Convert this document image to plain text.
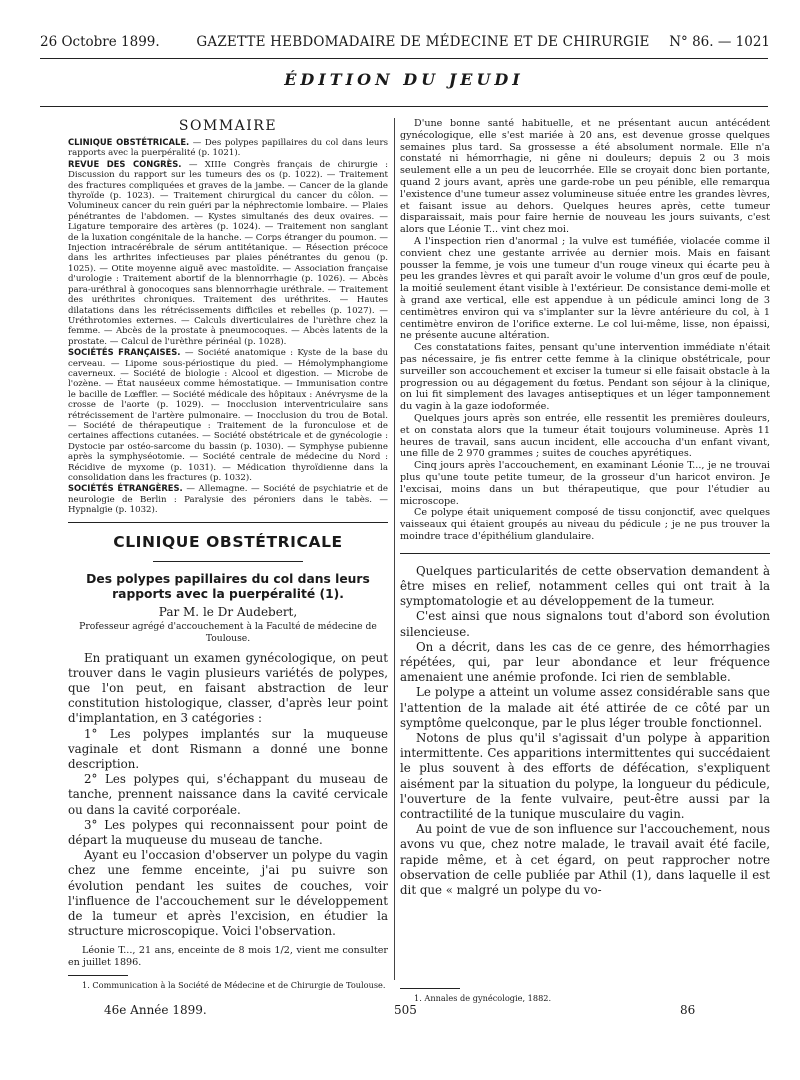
26 Octobre 1899.	GAZETTE HEBDOMADAIRE DE MÉDECINE ET DE CHIRURGIE N° 86. — 1021
ÉDITION DU JEUDI
SOMMAIRE

CLINIQUE OBSTÉTRICALE. — Des polypes papillaires du col dans leurs rapports avec la puerpéralité (p. 1021).

REVUE DES CONGRÈS. — XIIIe Congrès français de chirurgie : Discussion du rapport sur les tumeurs des os (p. 1022). — Traitement des fractures compliquées et graves de la jambe. — Cancer de la glande thyroïde (p. 1023). — Traitement chirurgical du cancer du côlon. — Volumineux cancer du rein guéri par la néphrectomie lombaire. — Plaies pénétrantes de l'abdomen. — Kystes simultanés des deux ovaires. — Ligature temporaire des artères (p. 1024). — Traitement non sanglant de la luxation congénitale de la hanche. — Corps étranger du poumon. — Injection intracérébrale de sérum antitétanique. — Résection précoce dans les arthrites infectieuses par plaies pénétrantes du genou (p. 1025). — Otite moyenne aiguë avec mastoïdite. — Association française d'urologie : Traitement abortif de la blennorrhagie (p. 1026). — Abcès para-uréthral à gonocoques sans blennorrhagie uréthrale. — Traitement des uréthrites chroniques. Traitement des uréthrites. — Hautes dilatations dans les rétrécissements difficiles et rebelles (p. 1027). — Uréthrotomies externes. — Calculs diverticulaires de l'urèthre chez la femme. — Abcès de la prostate à pneumocoques. — Abcès latents de la prostate. — Calcul de l'urèthre périnéal (p. 1028).

SOCIÉTÉS FRANÇAISES. — Société anatomique : Kyste de la base du cerveau. — Lipome sous-périostique du pied. — Hémolymphangiome caverneux. — Société de biologie : Alcool et digestion. — Microbe de l'ozène. — État nauséeux comme hémostatique. — Immunisation contre le bacille de Lœffler. — Société médicale des hôpitaux : Anévrysme de la crosse de l'aorte (p. 1029). — Inocclusion interventriculaire sans rétrécissement de l'artère pulmonaire. — Inocclusion du trou de Botal. — Société de thérapeutique : Traitement de la furonculose et de certaines affections cutanées. — Société obstétricale et de gynécologie : Dystocie par ostéo-sarcome du bassin (p. 1030). — Symphyse pubienne après la symphyséotomie. — Société centrale de médecine du Nord : Récidive de myxome (p. 1031). — Médication thyroïdienne dans la consolidation dans les fractures (p. 1032).

SOCIÉTÉS ÉTRANGÈRES. — Allemagne. — Société de psychiatrie et de neurologie de Berlin : Paralysie des péroniers dans le tabès. — Hypnalgie (p. 1032).

CLINIQUE OBSTÉTRICALE
Des polypes papillaires du col dans leurs rapports avec la puerpéralité (1).
Par M. le Dr Audebert,
Professeur agrégé d'accouchement à la Faculté de médecine de Toulouse.

En pratiquant un examen gynécologique, on peut trouver dans le vagin plusieurs variétés de polypes, que l'on peut, en faisant abstraction de leur constitution histologique, classer, d'après leur point d'implantation, en 3 catégories :

1° Les polypes implantés sur la muqueuse vaginale et dont Rismann a donné une bonne description.

2° Les polypes qui, s'échappant du museau de tanche, prennent naissance dans la cavité cervicale ou dans la cavité corporéale.

3° Les polypes qui reconnaissent pour point de départ la muqueuse du museau de tanche.

Ayant eu l'occasion d'observer un polype du vagin chez une femme enceinte, j'ai pu suivre son évolution pendant les suites de couches, voir l'influence de l'accouchement sur le développement de la tumeur et après l'excision, en étudier la structure microscopique. Voici l'observation.

Léonie T..., 21 ans, enceinte de 8 mois 1/2, vient me consulter en juillet 1896.

1. Communication à la Société de Médecine et de Chirurgie de Toulouse.

D'une bonne santé habituelle, et ne présentant aucun antécédent gynécologique, elle s'est mariée à 20 ans, est devenue grosse quelques semaines plus tard. Sa grossesse a été absolument normale. Elle n'a constaté ni hémorrhagie, ni gêne ni douleurs; depuis 2 ou 3 mois seulement elle a un peu de leucorrhée. Elle se croyait donc bien portante, quand 2 jours avant, après une garde-robe un peu pénible, elle remarqua l'existence d'une tumeur assez volumineuse située entre les grandes lèvres, et faisant issue au dehors. Quelques heures après, cette tumeur disparaissait, mais pour faire hernie de nouveau les jours suivants, c'est alors que Léonie T... vint chez moi.

A l'inspection rien d'anormal ; la vulve est tuméfiée, violacée comme il convient chez une gestante arrivée au dernier mois. Mais en faisant pousser la femme, je vois une tumeur d'un rouge vineux qui écarte peu à peu les grandes lèvres et qui paraît avoir le volume d'un gros œuf de poule, la moitié seulement étant visible à l'extérieur. De consistance demi-molle et à grand axe vertical, elle est appendue à un pédicule aminci long de 3 centimètres environ qui va s'implanter sur la lèvre antérieure du col, à 1 centimètre environ de l'orifice externe. Le col lui-même, lisse, non épaissi, ne présente aucune altération.

Ces constatations faites, pensant qu'une intervention immédiate n'était pas nécessaire, je fis entrer cette femme à la clinique obstétricale, pour surveiller son accouchement et exciser la tumeur si elle faisait obstacle à la progression ou au dégagement du fœtus. Pendant son séjour à la clinique, on lui fit simplement des lavages antiseptiques et un léger tamponnement du vagin à la gaze iodoformée.

Quelques jours après son entrée, elle ressentit les premières douleurs, et on constata alors que la tumeur était toujours volumineuse. Après 11 heures de travail, sans aucun incident, elle accoucha d'un enfant vivant, une fille de 2 970 grammes ; suites de couches apyrétiques.

Cinq jours après l'accouchement, en examinant Léonie T..., je ne trouvai plus qu'une toute petite tumeur, de la grosseur d'un haricot environ. Je l'excisai, moins dans un but thérapeutique, que pour l'étudier au microscope.

Ce polype était uniquement composé de tissu conjonctif, avec quelques vaisseaux qui étaient groupés au niveau du pédicule ; je ne pus trouver la moindre trace d'épithélium glandulaire.

Quelques particularités de cette observation demandent à être mises en relief, notamment celles qui ont trait à la symptomatologie et au développement de la tumeur.

C'est ainsi que nous signalons tout d'abord son évolution silencieuse.

On a décrit, dans les cas de ce genre, des hémorrhagies répétées, qui, par leur abondance et leur fréquence amenaient une anémie profonde. Ici rien de semblable.

Le polype a atteint un volume assez considérable sans que l'attention de la malade ait été attirée de ce côté par un symptôme quelconque, par le plus léger trouble fonctionnel.

Notons de plus qu'il s'agissait d'un polype à apparition intermittente. Ces apparitions intermittentes qui succédaient le plus souvent à des efforts de défécation, s'expliquent aisément par la situation du polype, la longueur du pédicule, l'ouverture de la fente vulvaire, peut-être aussi par la contractilité de la tunique musculaire du vagin.

Au point de vue de son influence sur l'accouchement, nous avons vu que, chez notre malade, le travail avait été facile, rapide même, et à cet égard, on peut rapprocher notre observation de celle publiée par Athil (1), dans laquelle il est dit que « malgré un polype du vo-

1. Annales de gynécologie, 1882.

46e Année 1899.	505	86
